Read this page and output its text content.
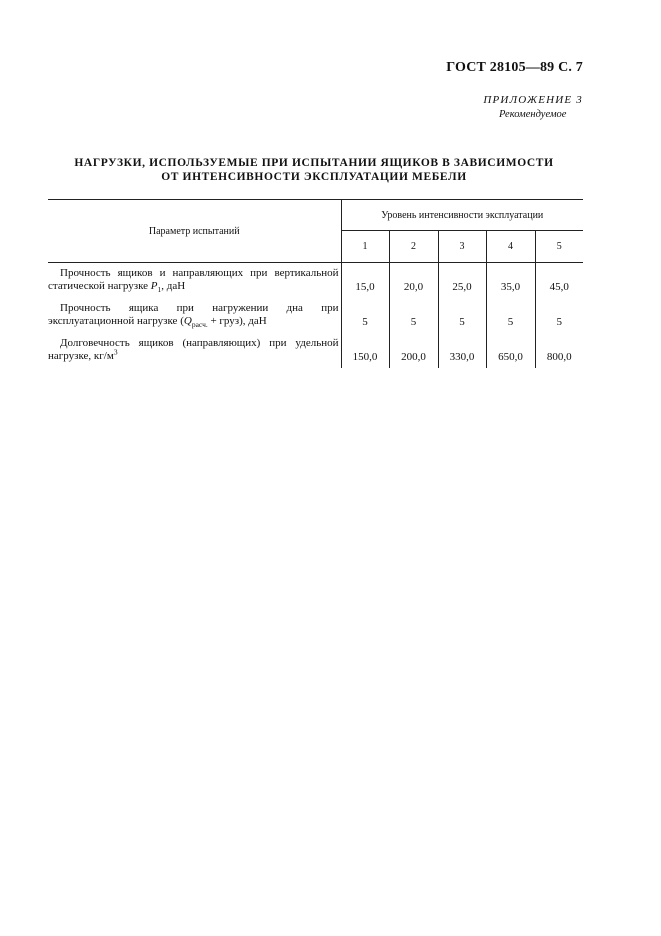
ГОСТ 28105—89 С. 7
ПРИЛОЖЕНИЕ 3
Рекомендуемое
НАГРУЗКИ, ИСПОЛЬЗУЕМЫЕ ПРИ ИСПЫТАНИИ ЯЩИКОВ В ЗАВИСИМОСТИ
ОТ ИНТЕНСИВНОСТИ ЭКСПЛУАТАЦИИ МЕБЕЛИ
Параметр испытаний	Уровень интенсивности эксплуатации				
	1	2	3	4	5
Прочность ящиков и направляющих при вертикальной статической нагрузке $P_1$, даН	15,0	20,0	25,0	35,0	45,0
Прочность ящика при нагружении дна при эксплуатационной нагрузке ($Q_{расч.}$ + груз), даН	5	5	5	5	5
Долговечность ящиков (направляющих) при удельной нагрузке, $кг/м^3$	150,0	200,0	330,0	650,0	800,0
